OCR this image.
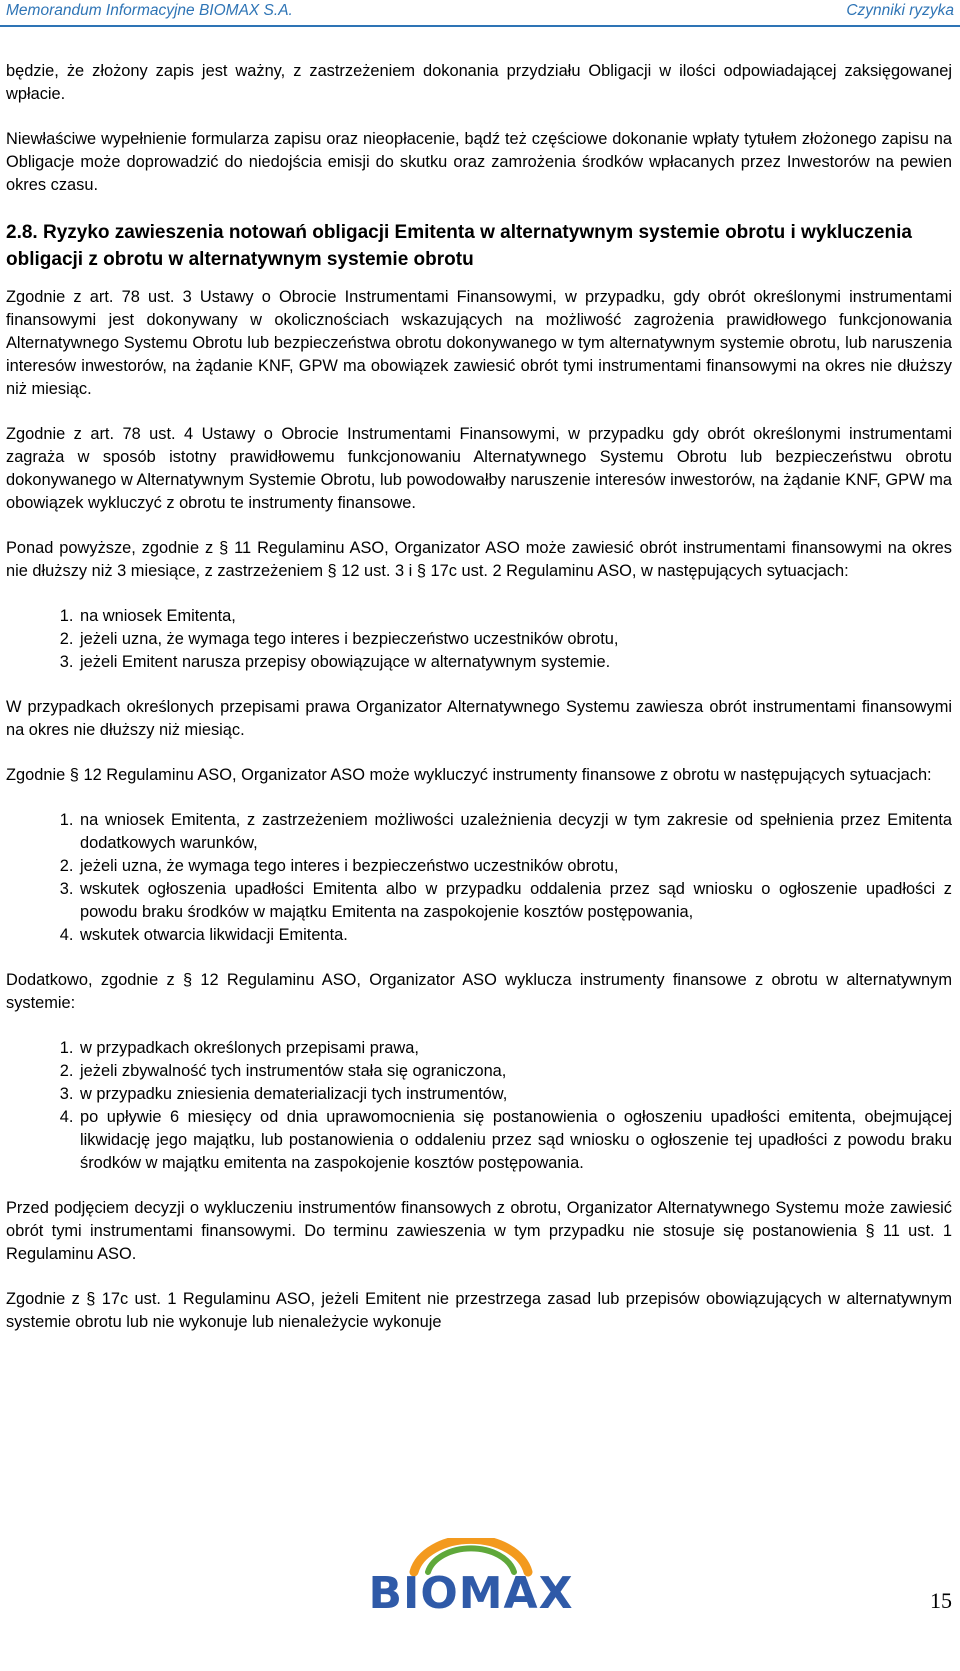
Memorandum Informacyjne BIOMAX S.A.	Czynniki ryzyka

będzie, że złożony zapis jest ważny, z zastrzeżeniem dokonania przydziału Obligacji w ilości odpowiadającej zaksięgowanej wpłacie.

Niewłaściwe wypełnienie formularza zapisu oraz nieopłacenie, bądź też częściowe dokonanie wpłaty tytułem złożonego zapisu na Obligacje może doprowadzić do niedojścia emisji do skutku oraz zamrożenia środków wpłacanych przez Inwestorów na pewien okres czasu.

2.8. Ryzyko zawieszenia notowań obligacji Emitenta w alternatywnym systemie obrotu i wykluczenia obligacji z obrotu w alternatywnym systemie obrotu

Zgodnie z art. 78 ust. 3 Ustawy o Obrocie Instrumentami Finansowymi, w przypadku, gdy obrót określonymi instrumentami finansowymi jest dokonywany w okolicznościach wskazujących na możliwość zagrożenia prawidłowego funkcjonowania Alternatywnego Systemu Obrotu lub bezpieczeństwa obrotu dokonywanego w tym alternatywnym systemie obrotu, lub naruszenia interesów inwestorów, na żądanie KNF, GPW ma obowiązek zawiesić obrót tymi instrumentami finansowymi na okres nie dłuższy niż miesiąc.

Zgodnie z art. 78 ust. 4 Ustawy o Obrocie Instrumentami Finansowymi, w przypadku gdy obrót określonymi instrumentami zagraża w sposób istotny prawidłowemu funkcjonowaniu Alternatywnego Systemu Obrotu lub bezpieczeństwu obrotu dokonywanego w Alternatywnym Systemie Obrotu, lub powodowałby naruszenie interesów inwestorów, na żądanie KNF, GPW ma obowiązek wykluczyć z obrotu te instrumenty finansowe.

Ponad powyższe, zgodnie z § 11 Regulaminu ASO, Organizator ASO może zawiesić obrót instrumentami finansowymi na okres nie dłuższy niż 3 miesiące, z zastrzeżeniem § 12 ust. 3 i § 17c ust. 2 Regulaminu ASO, w następujących sytuacjach:

1. na wniosek Emitenta,
2. jeżeli uzna, że wymaga tego interes i bezpieczeństwo uczestników obrotu,
3. jeżeli Emitent narusza przepisy obowiązujące w alternatywnym systemie.

W przypadkach określonych przepisami prawa Organizator Alternatywnego Systemu zawiesza obrót instrumentami finansowymi na okres nie dłuższy niż miesiąc.

Zgodnie § 12 Regulaminu ASO, Organizator ASO może wykluczyć instrumenty finansowe z obrotu w następujących sytuacjach:

1. na wniosek Emitenta, z zastrzeżeniem możliwości uzależnienia decyzji w tym zakresie od spełnienia przez Emitenta dodatkowych warunków,
2. jeżeli uzna, że wymaga tego interes i bezpieczeństwo uczestników obrotu,
3. wskutek ogłoszenia upadłości Emitenta albo w przypadku oddalenia przez sąd wniosku o ogłoszenie upadłości z powodu braku środków w majątku Emitenta na zaspokojenie kosztów postępowania,
4. wskutek otwarcia likwidacji Emitenta.

Dodatkowo, zgodnie z § 12 Regulaminu ASO, Organizator ASO wyklucza instrumenty finansowe z obrotu w alternatywnym systemie:

1. w przypadkach określonych przepisami prawa,
2. jeżeli zbywalność tych instrumentów stała się ograniczona,
3. w przypadku zniesienia dematerializacji tych instrumentów,
4. po upływie 6 miesięcy od dnia uprawomocnienia się postanowienia o ogłoszeniu upadłości emitenta, obejmującej likwidację jego majątku, lub postanowienia o oddaleniu przez sąd wniosku o ogłoszenie tej upadłości z powodu braku środków w majątku emitenta na zaspokojenie kosztów postępowania.

Przed podjęciem decyzji o wykluczeniu instrumentów finansowych z obrotu, Organizator Alternatywnego Systemu może zawiesić obrót tymi instrumentami finansowymi. Do terminu zawieszenia w tym przypadku nie stosuje się postanowienia § 11 ust. 1 Regulaminu ASO.

Zgodnie z § 17c ust. 1 Regulaminu ASO, jeżeli Emitent nie przestrzega zasad lub przepisów obowiązujących w alternatywnym systemie obrotu lub nie wykonuje lub nienależycie wykonuje

BIOMAX	15
